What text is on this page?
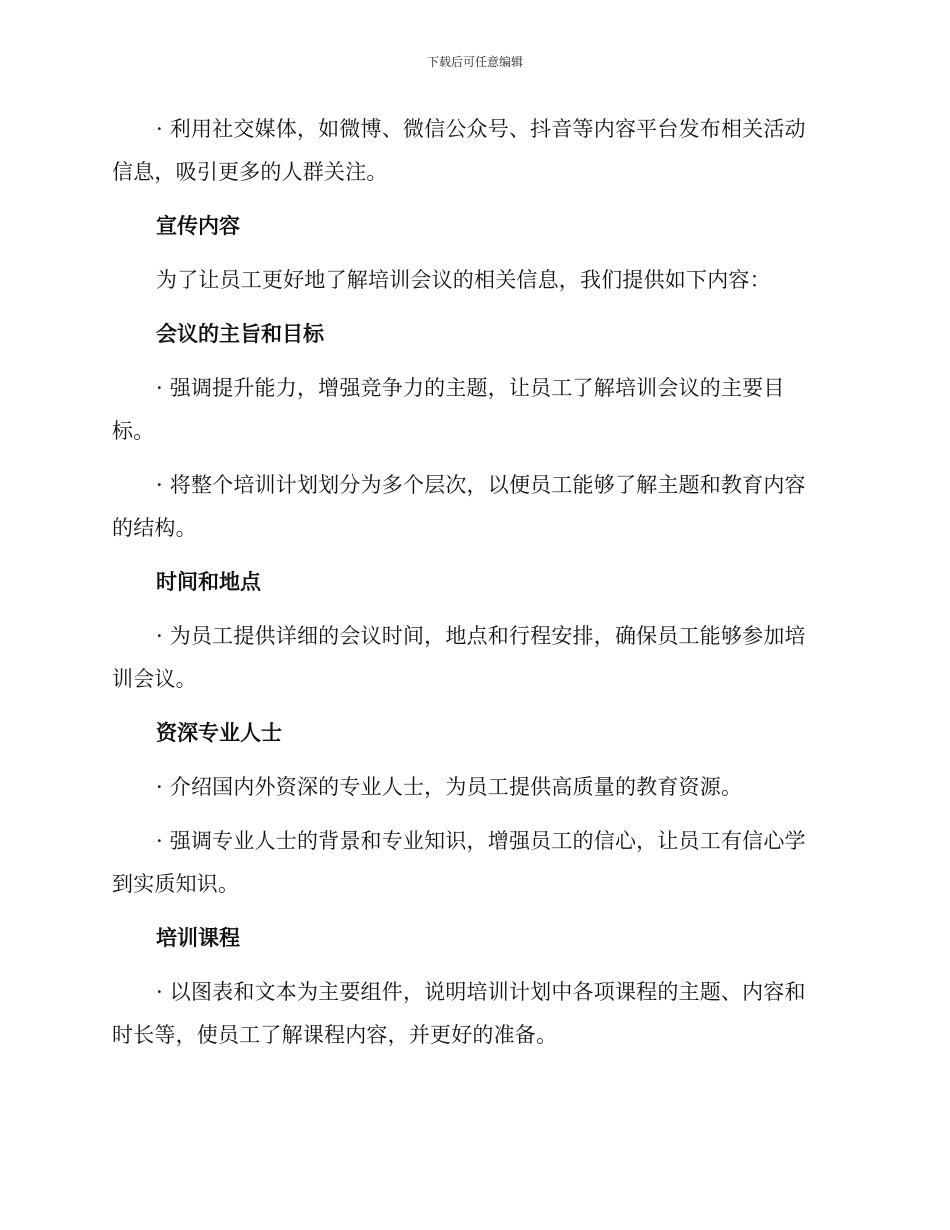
下载后可任意编辑

· 利用社交媒体，如微博、微信公众号、抖音等内容平台发布相关活动信息，吸引更多的人群关注。

宣传内容

为了让员工更好地了解培训会议的相关信息，我们提供如下内容：

会议的主旨和目标

· 强调提升能力，增强竞争力的主题，让员工了解培训会议的主要目标。

· 将整个培训计划划分为多个层次，以便员工能够了解主题和教育内容的结构。

时间和地点

· 为员工提供详细的会议时间，地点和行程安排，确保员工能够参加培训会议。

资深专业人士

· 介绍国内外资深的专业人士，为员工提供高质量的教育资源。

· 强调专业人士的背景和专业知识，增强员工的信心，让员工有信心学到实质知识。

培训课程

· 以图表和文本为主要组件，说明培训计划中各项课程的主题、内容和时长等，使员工了解课程内容，并更好的准备。
